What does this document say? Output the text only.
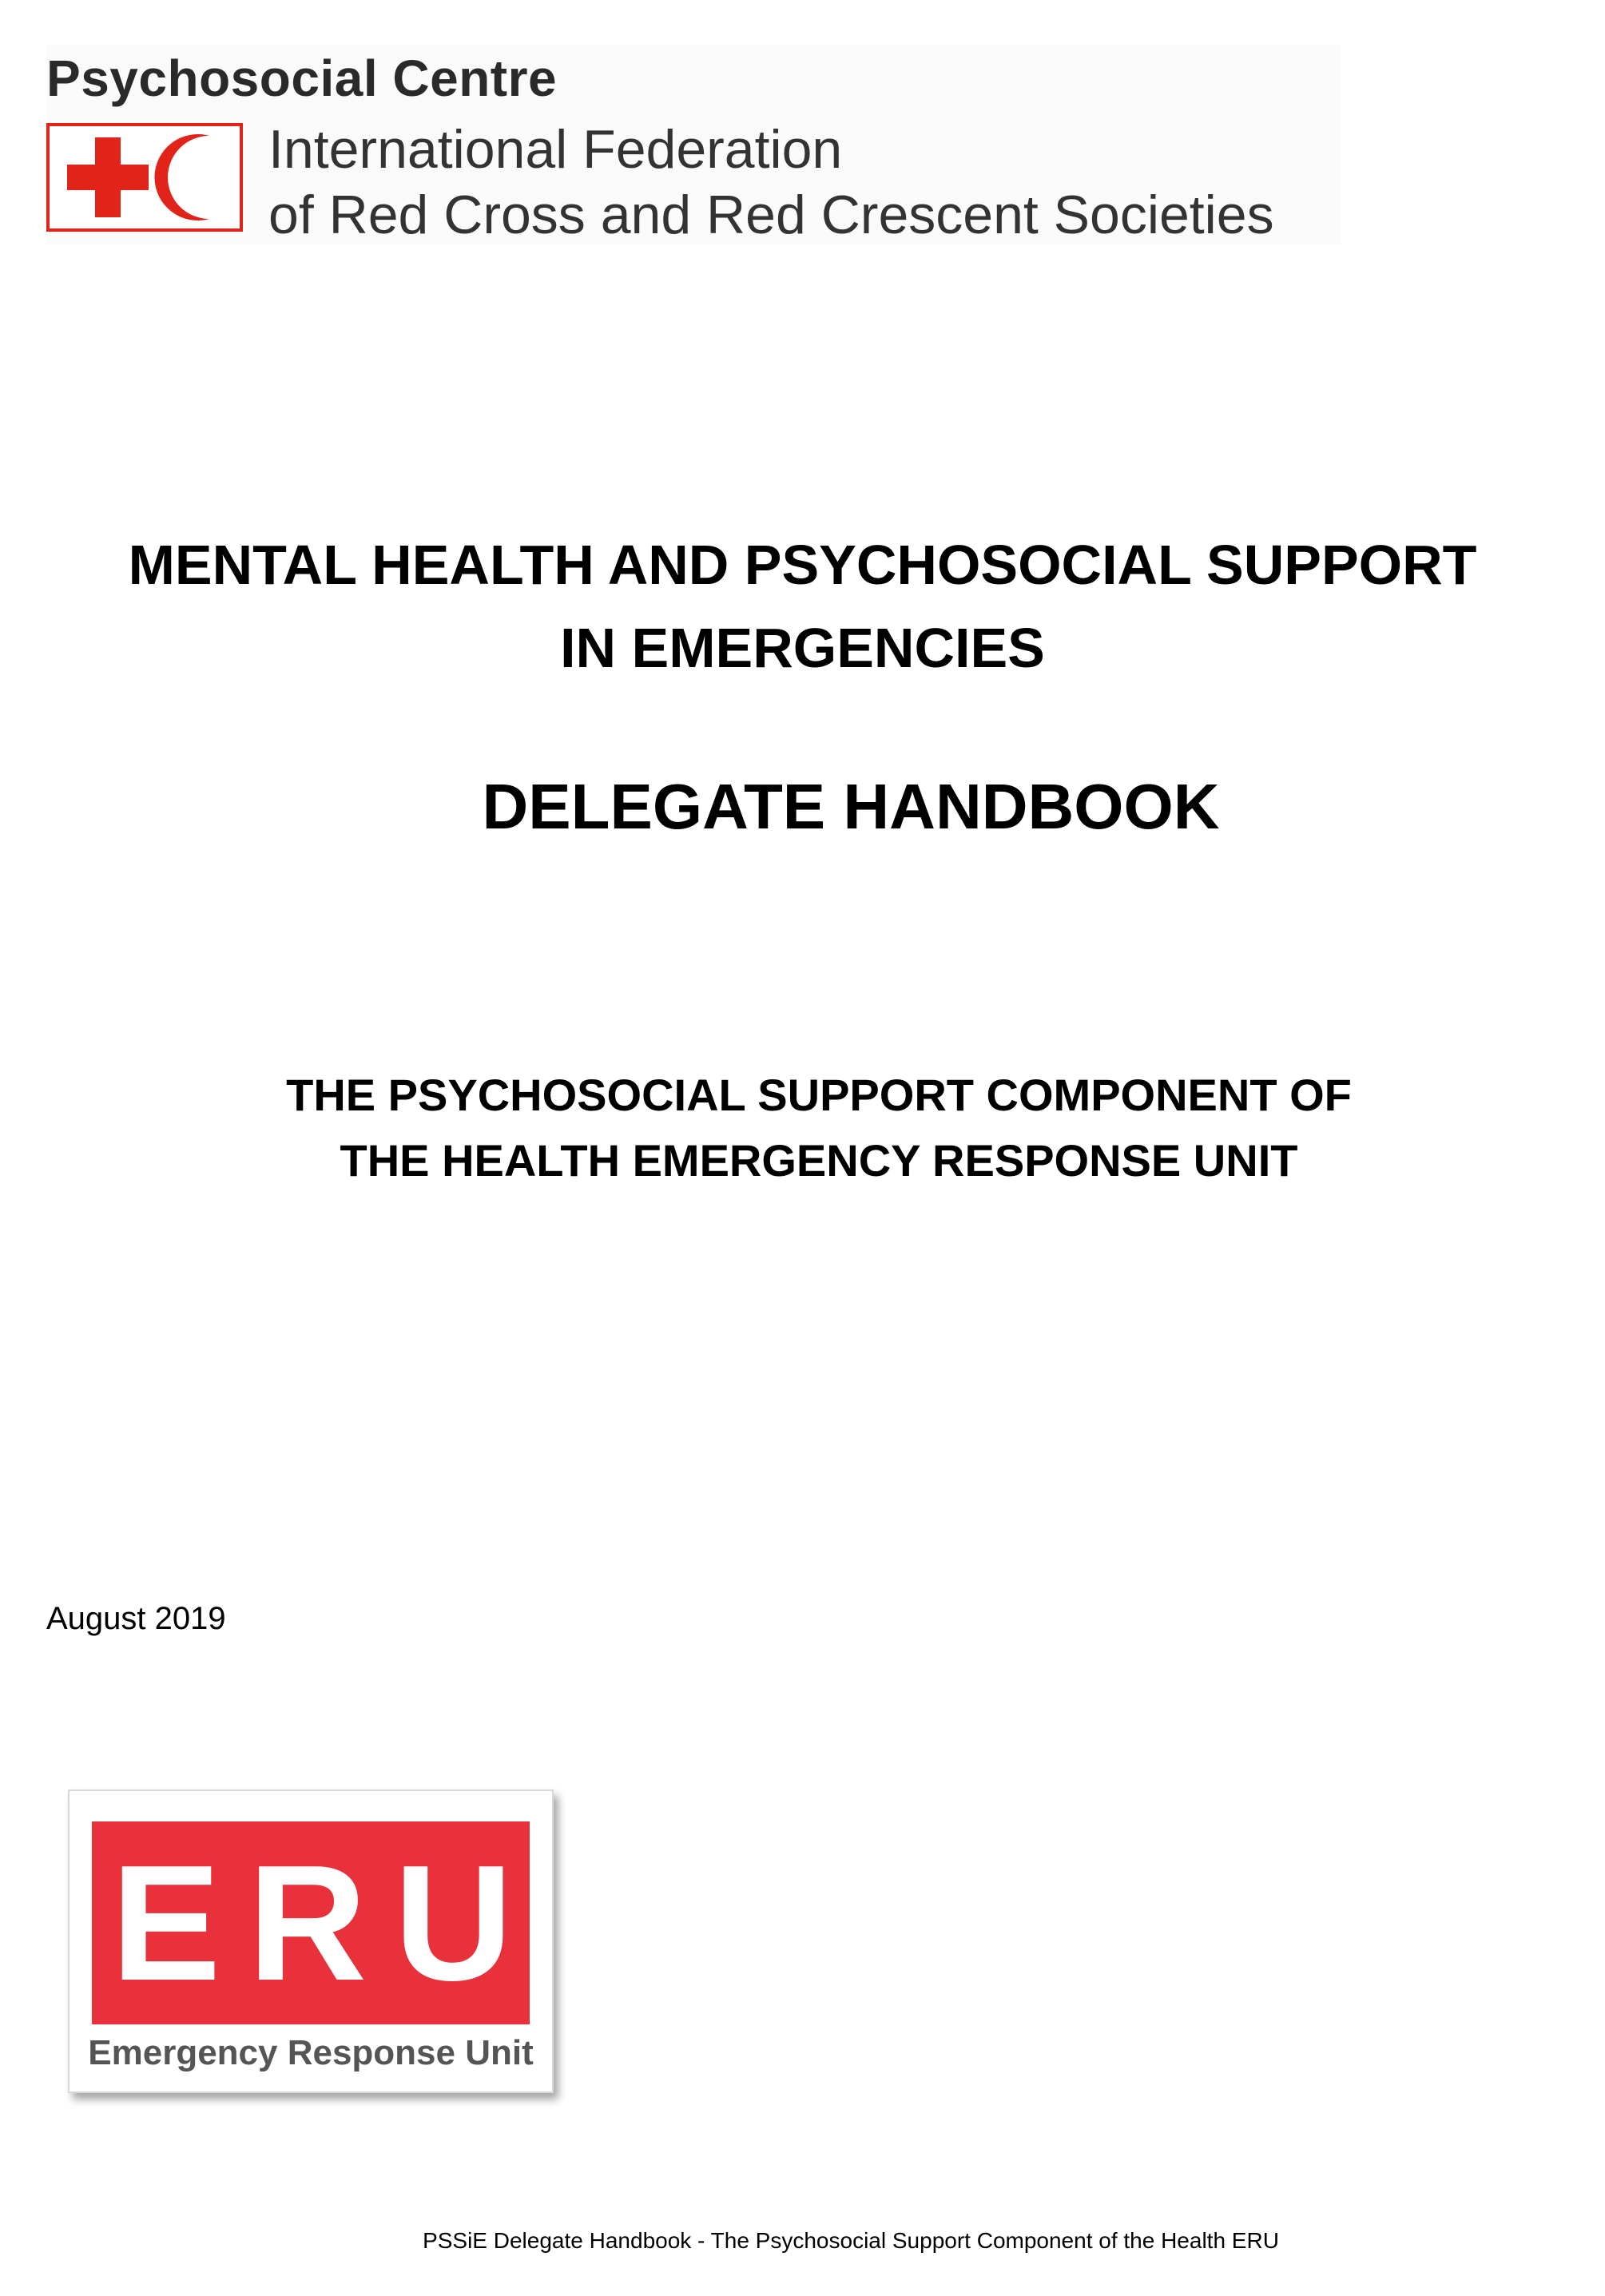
Psychosocial Centre
International Federation
of Red Cross and Red Crescent Societies
MENTAL HEALTH AND PSYCHOSOCIAL SUPPORT
IN EMERGENCIES
DELEGATE HANDBOOK
THE PSYCHOSOCIAL SUPPORT COMPONENT OF
THE HEALTH EMERGENCY RESPONSE UNIT
August 2019
ERU
Emergency Response Unit
PSSiE Delegate Handbook - The Psychosocial Support Component of the Health ERU
